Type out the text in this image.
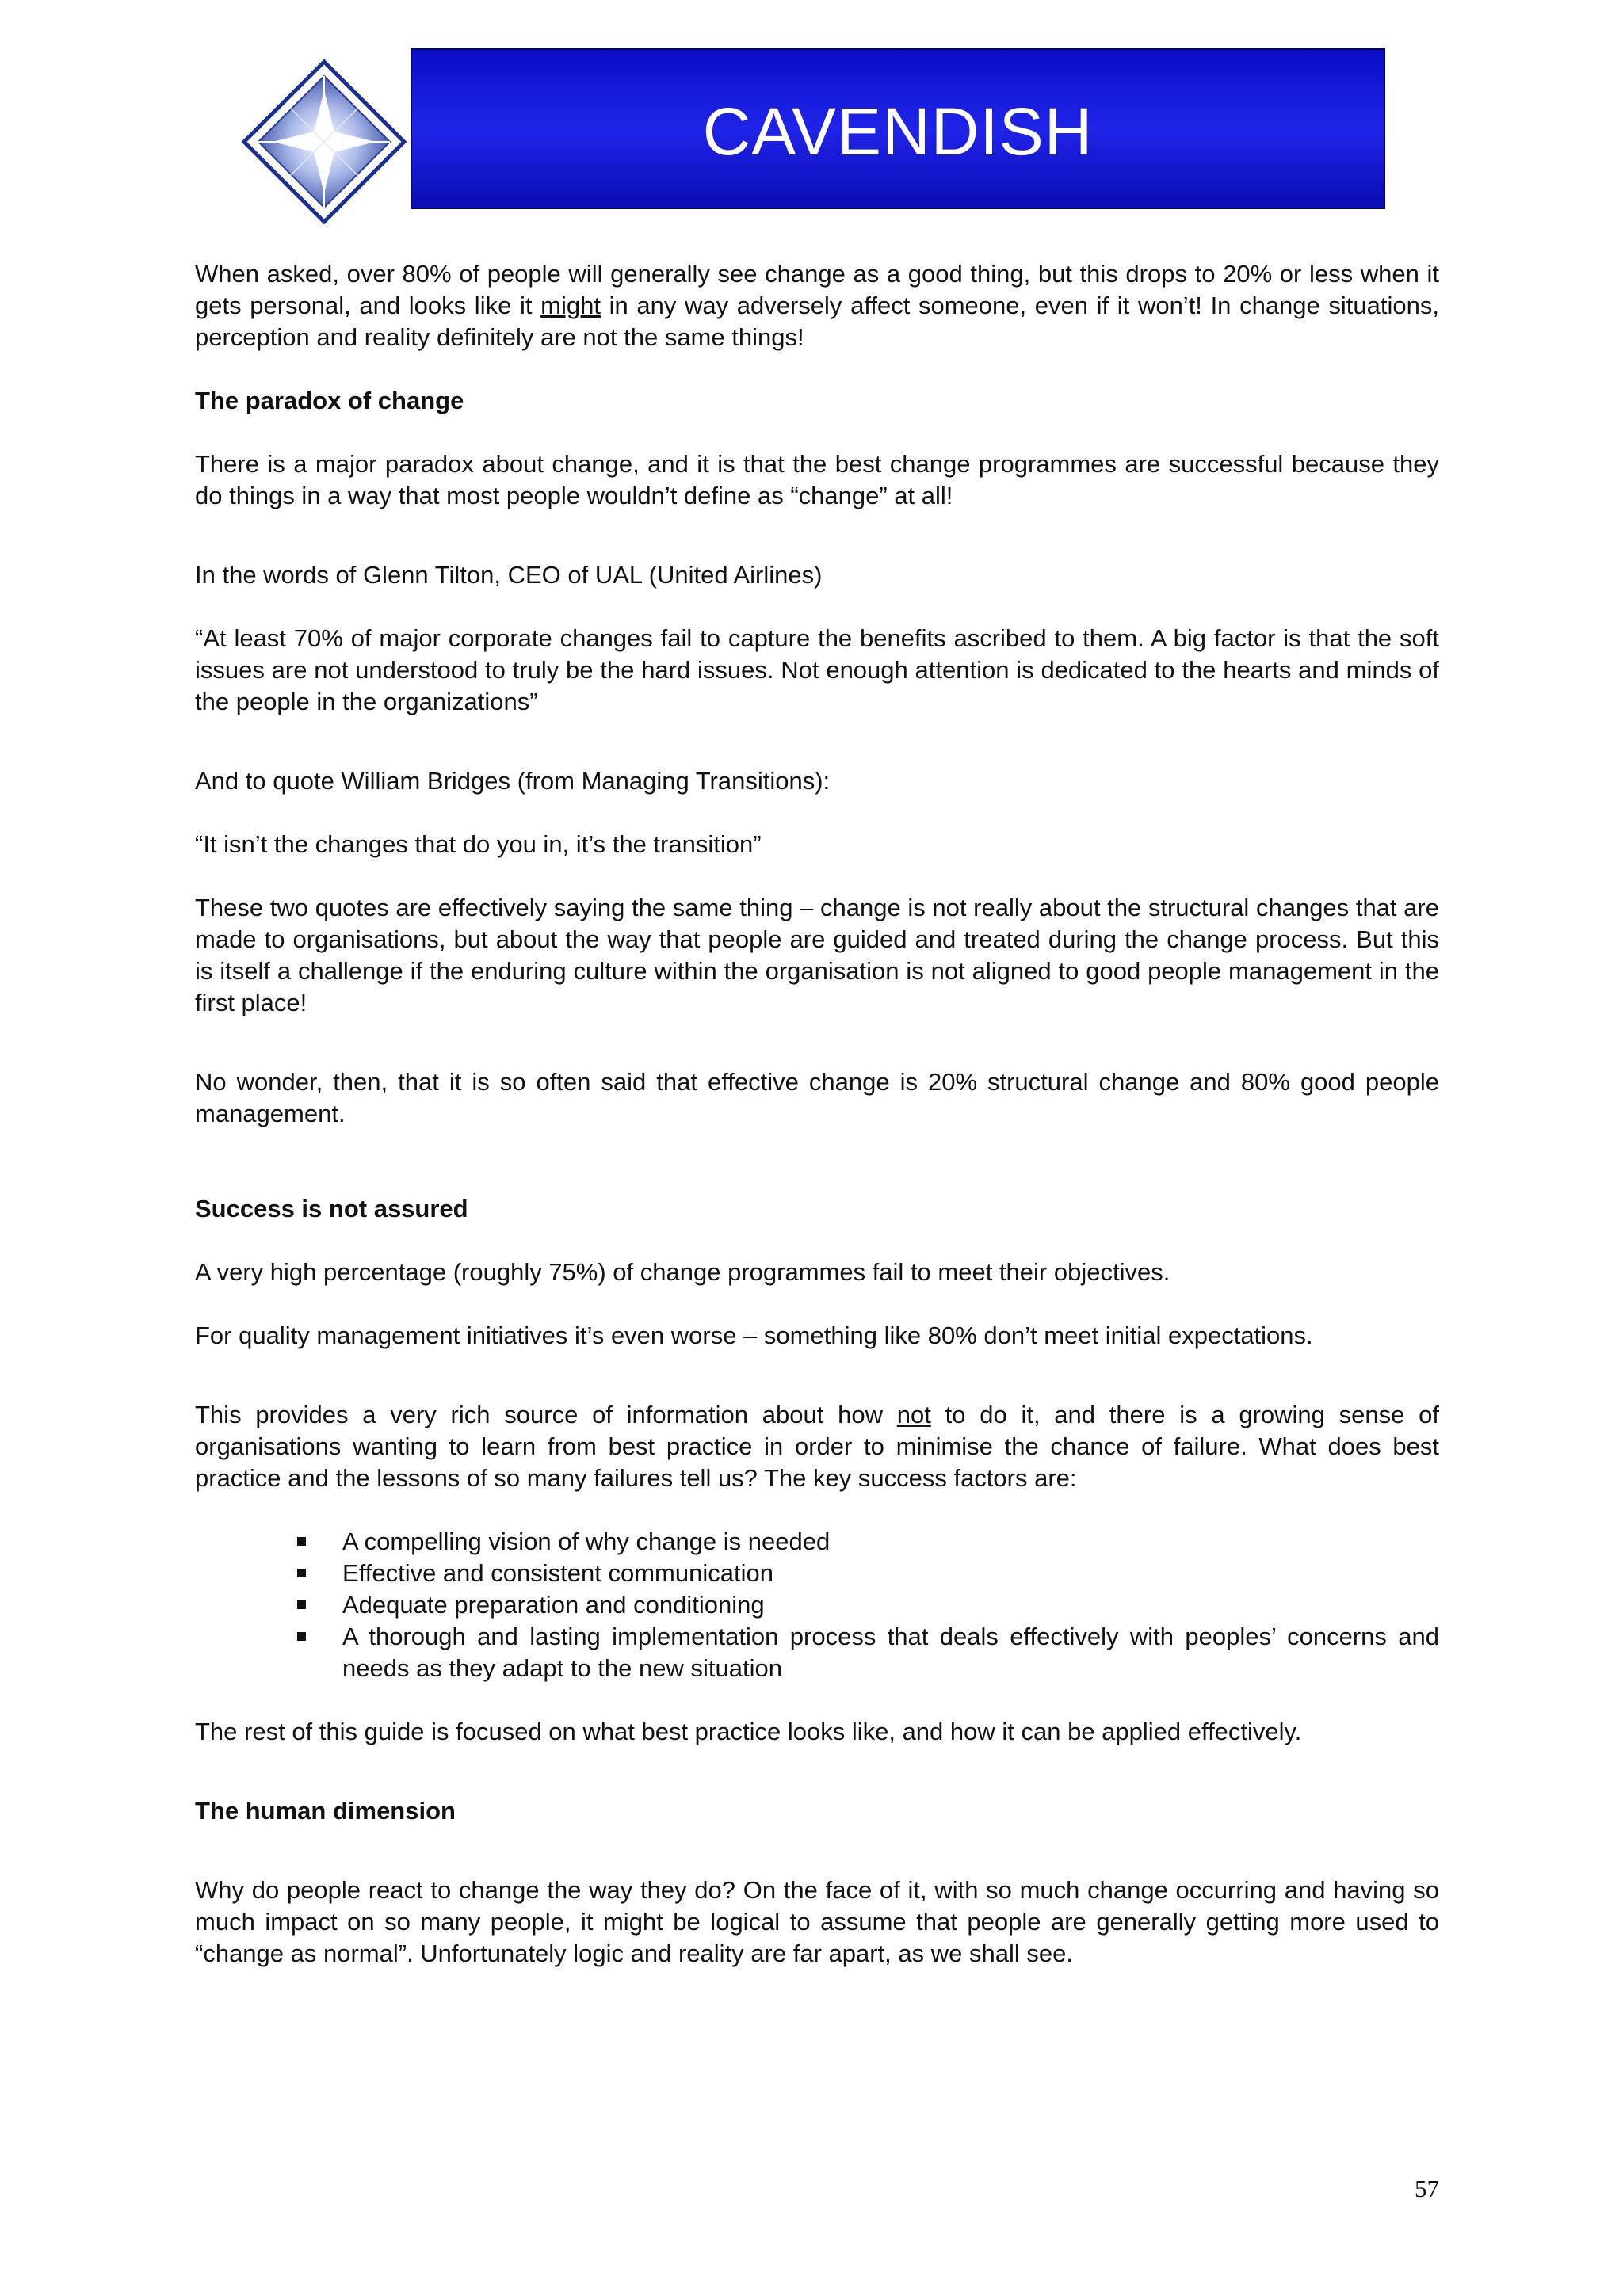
CAVENDISH

When asked, over 80% of people will generally see change as a good thing, but this drops to 20% or less when it gets personal, and looks like it might in any way adversely affect someone, even if it won’t! In change situations, perception and reality definitely are not the same things!

The paradox of change

There is a major paradox about change, and it is that the best change programmes are successful because they do things in a way that most people wouldn’t define as “change” at all!

In the words of Glenn Tilton, CEO of UAL (United Airlines)

“At least 70% of major corporate changes fail to capture the benefits ascribed to them. A big factor is that the soft issues are not understood to truly be the hard issues. Not enough attention is dedicated to the hearts and minds of the people in the organizations”

And to quote William Bridges (from Managing Transitions):

“It isn’t the changes that do you in, it’s the transition”

These two quotes are effectively saying the same thing – change is not really about the structural changes that are made to organisations, but about the way that people are guided and treated during the change process. But this is itself a challenge if the enduring culture within the organisation is not aligned to good people management in the first place!

No wonder, then, that it is so often said that effective change is 20% structural change and 80% good people management.

Success is not assured

A very high percentage (roughly 75%) of change programmes fail to meet their objectives.

For quality management initiatives it’s even worse – something like 80% don’t meet initial expectations.

This provides a very rich source of information about how not to do it, and there is a growing sense of organisations wanting to learn from best practice in order to minimise the chance of failure. What does best practice and the lessons of so many failures tell us? The key success factors are:

A compelling vision of why change is needed
Effective and consistent communication
Adequate preparation and conditioning
A thorough and lasting implementation process that deals effectively with peoples’ concerns and needs as they adapt to the new situation

The rest of this guide is focused on what best practice looks like, and how it can be applied effectively.

The human dimension

Why do people react to change the way they do? On the face of it, with so much change occurring and having so much impact on so many people, it might be logical to assume that people are generally getting more used to “change as normal”. Unfortunately logic and reality are far apart, as we shall see.

57
